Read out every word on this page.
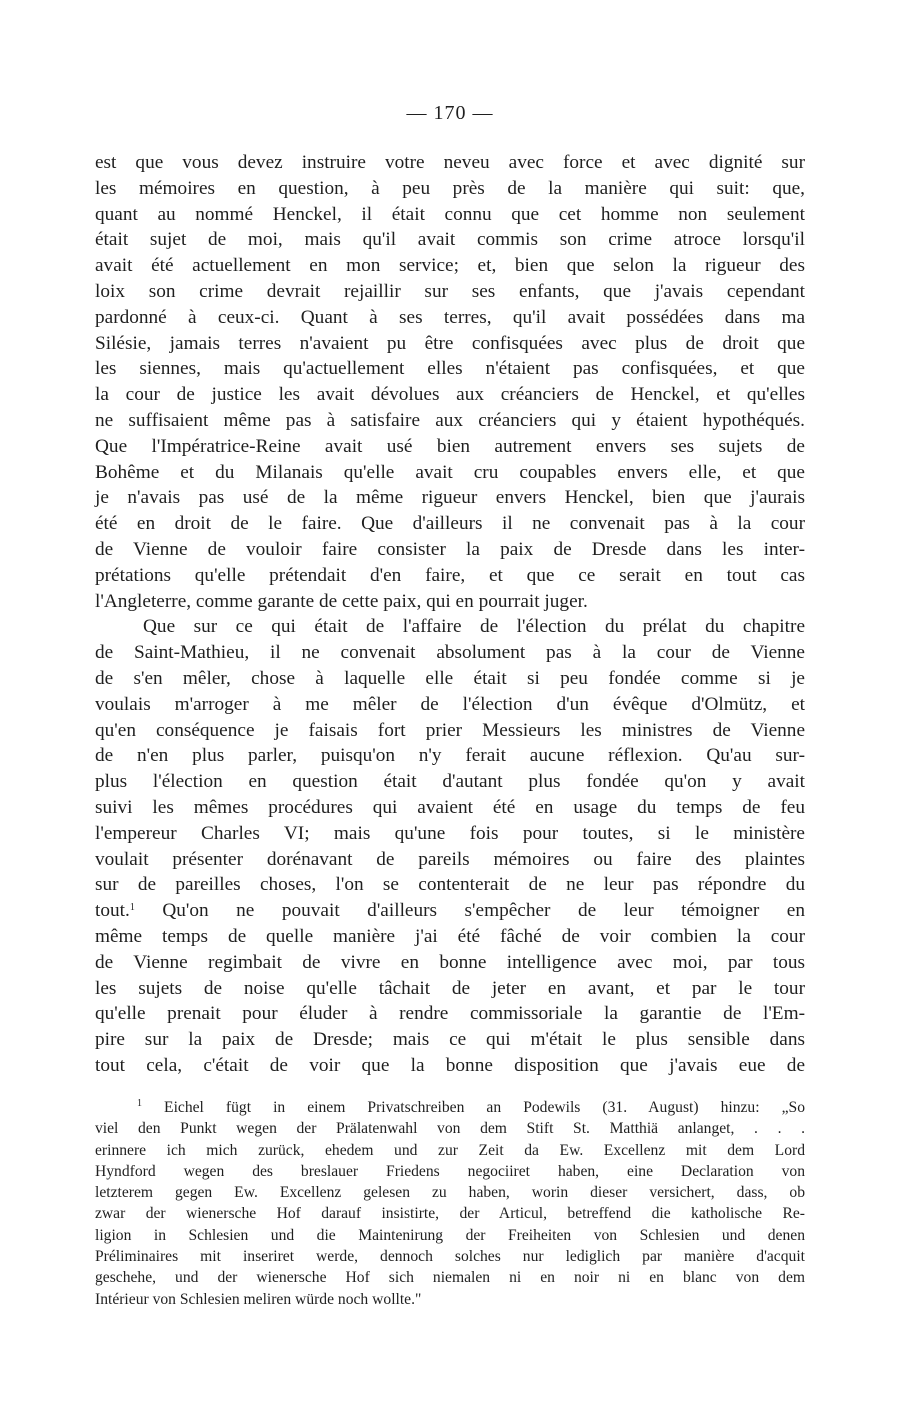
— 170 —
est que vous devez instruire votre neveu avec force et avec dignité sur
les mémoires en question, à peu près de la manière qui suit: que,
quant au nommé Henckel, il était connu que cet homme non seulement
était sujet de moi, mais qu'il avait commis son crime atroce lorsqu'il
avait été actuellement en mon service; et, bien que selon la rigueur des
loix son crime devrait rejaillir sur ses enfants, que j'avais cependant
pardonné à ceux-ci. Quant à ses terres, qu'il avait possédées dans ma
Silésie, jamais terres n'avaient pu être confisquées avec plus de droit que
les siennes, mais qu'actuellement elles n'étaient pas confisquées, et que
la cour de justice les avait dévolues aux créanciers de Henckel, et qu'elles
ne suffisaient même pas à satisfaire aux créanciers qui y étaient hypothéqués.
Que l'Impératrice-Reine avait usé bien autrement envers ses sujets de
Bohême et du Milanais qu'elle avait cru coupables envers elle, et que
je n'avais pas usé de la même rigueur envers Henckel, bien que j'aurais
été en droit de le faire. Que d'ailleurs il ne convenait pas à la cour
de Vienne de vouloir faire consister la paix de Dresde dans les inter-
prétations qu'elle prétendait d'en faire, et que ce serait en tout cas
l'Angleterre, comme garante de cette paix, qui en pourrait juger.
Que sur ce qui était de l'affaire de l'élection du prélat du chapitre
de Saint-Mathieu, il ne convenait absolument pas à la cour de Vienne
de s'en mêler, chose à laquelle elle était si peu fondée comme si je
voulais m'arroger à me mêler de l'élection d'un évêque d'Olmütz, et
qu'en conséquence je faisais fort prier Messieurs les ministres de Vienne
de n'en plus parler, puisqu'on n'y ferait aucune réflexion. Qu'au sur-
plus l'élection en question était d'autant plus fondée qu'on y avait
suivi les mêmes procédures qui avaient été en usage du temps de feu
l'empereur Charles VI; mais qu'une fois pour toutes, si le ministère
voulait présenter dorénavant de pareils mémoires ou faire des plaintes
sur de pareilles choses, l'on se contenterait de ne leur pas répondre du
tout.$^1$ Qu'on ne pouvait d'ailleurs s'empêcher de leur témoigner en
même temps de quelle manière j'ai été fâché de voir combien la cour
de Vienne regimbait de vivre en bonne intelligence avec moi, par tous
les sujets de noise qu'elle tâchait de jeter en avant, et par le tour
qu'elle prenait pour éluder à rendre commissoriale la garantie de l'Em-
pire sur la paix de Dresde; mais ce qui m'était le plus sensible dans
tout cela, c'était de voir que la bonne disposition que j'avais eue de
$^1$ Eichel fügt in einem Privatschreiben an Podewils (31. August) hinzu: „So
viel den Punkt wegen der Prälatenwahl von dem Stift St. Matthiä anlanget, . . .
erinnere ich mich zurück, ehedem und zur Zeit da Ew. Excellenz mit dem Lord
Hyndford wegen des breslauer Friedens negociiret haben, eine Declaration von
letzterem gegen Ew. Excellenz gelesen zu haben, worin dieser versichert, dass, ob
zwar der wienersche Hof darauf insistirte, der Articul, betreffend die katholische Re-
ligion in Schlesien und die Maintenirung der Freiheiten von Schlesien und denen
Préliminaires mit inseriret werde, dennoch solches nur lediglich par manière d'acquit
geschehe, und der wienersche Hof sich niemalen ni en noir ni en blanc von dem
Intérieur von Schlesien meliren würde noch wollte."
